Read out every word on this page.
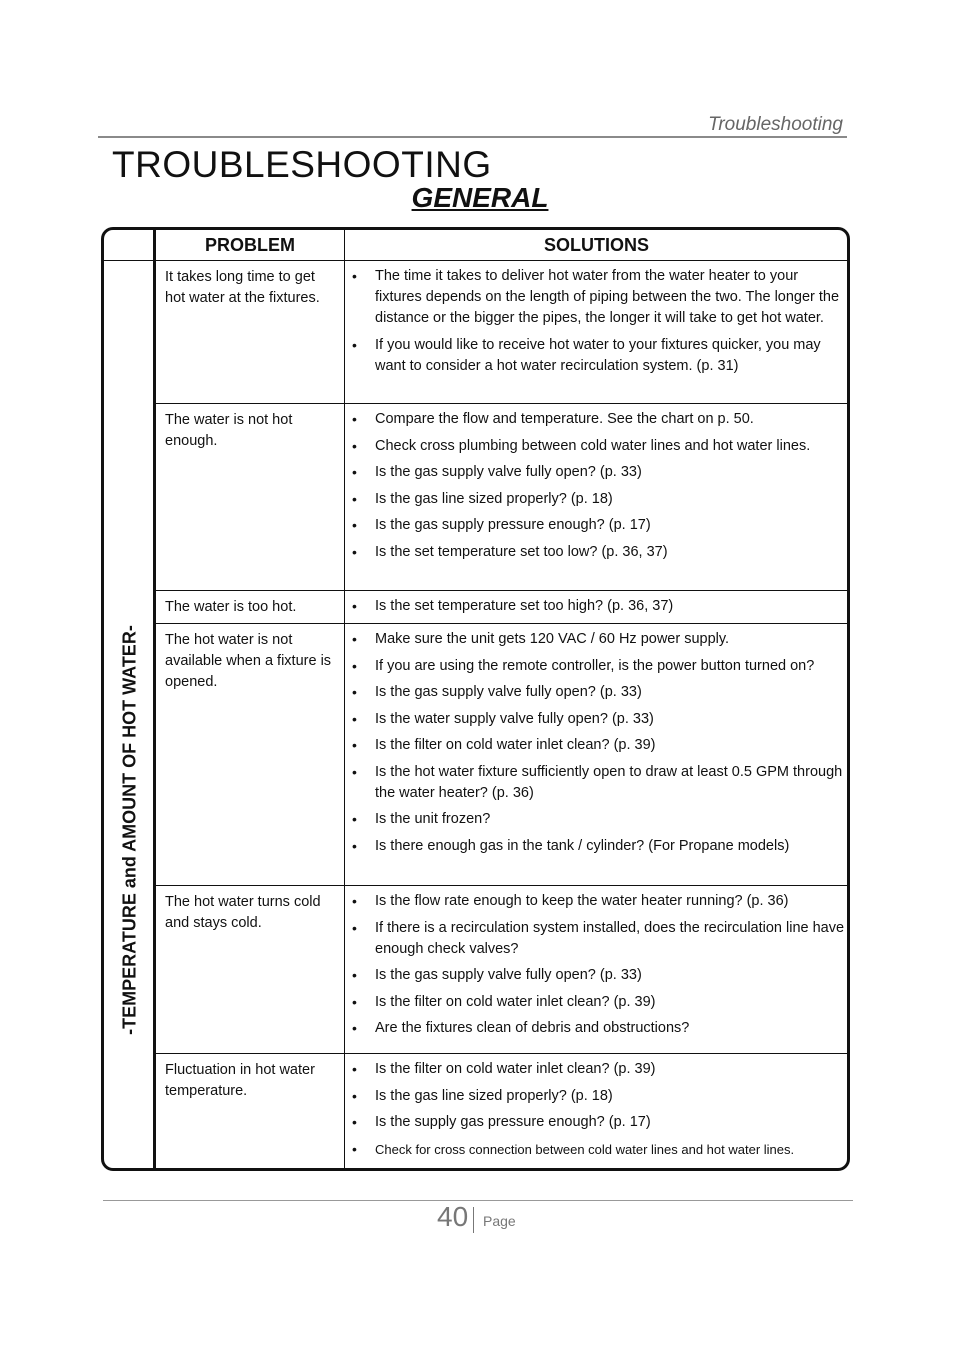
Troubleshooting
TROUBLESHOOTING
GENERAL
-TEMPERATURE and AMOUNT OF HOT WATER-
PROBLEM	SOLUTIONS
It takes long time to get hot water at the fixtures.
• The time it takes to deliver hot water from the water heater to your fixtures depends on the length of piping between the two. The longer the distance or the bigger the pipes, the longer it will take to get hot water.
• If you would like to receive hot water to your fixtures quicker, you may want to consider a hot water recirculation system. (p. 31)
The water is not hot enough.
• Compare the flow and temperature. See the chart on p. 50.
• Check cross plumbing between cold water lines and hot water lines.
• Is the gas supply valve fully open? (p. 33)
• Is the gas line sized properly? (p. 18)
• Is the gas supply pressure enough? (p. 17)
• Is the set temperature set too low? (p. 36, 37)
The water is too hot.
•	Is the set temperature set too high? (p. 36, 37)
The hot water is not available when a fixture is opened.
• Make sure the unit gets 120 VAC / 60 Hz power supply.
• If you are using the remote controller, is the power button turned on?
• Is the gas supply valve fully open? (p. 33)
• Is the water supply valve fully open? (p. 33)
• Is the filter on cold water inlet clean? (p. 39)
• Is the hot water fixture sufficiently open to draw at least 0.5 GPM through the water heater? (p. 36)
• Is the unit frozen?
• Is there enough gas in the tank / cylinder? (For Propane models)
The hot water turns cold and stays cold.
• Is the flow rate enough to keep the water heater running? (p. 36)
• If there is a recirculation system installed, does the recirculation line have enough check valves?
• Is the gas supply valve fully open? (p. 33)
• Is the filter on cold water inlet clean? (p. 39)
• Are the fixtures clean of debris and obstructions?
Fluctuation in hot water temperature.
• Is the filter on cold water inlet clean? (p. 39)
• Is the gas line sized properly? (p. 18)
• Is the supply gas pressure enough? (p. 17)
• Check for cross connection between cold water lines and hot water lines.
40 Page
